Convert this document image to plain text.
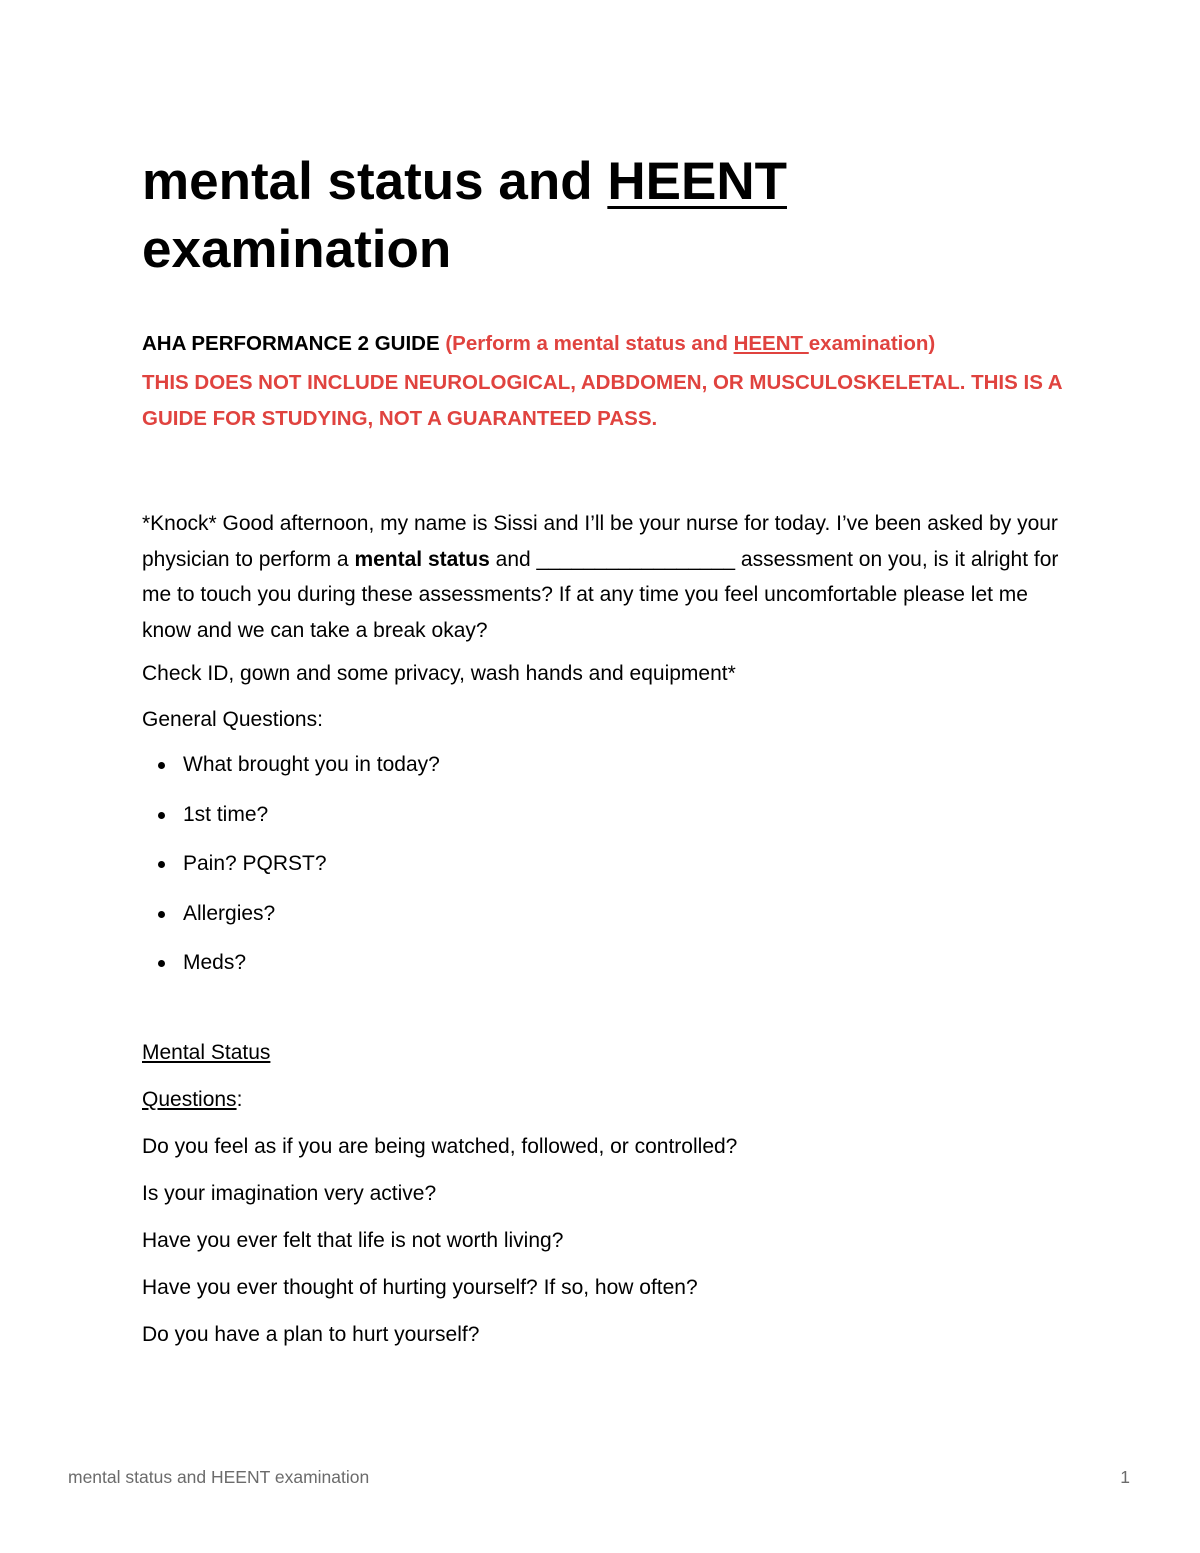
mental status and HEENT
examination
AHA PERFORMANCE 2 GUIDE (Perform a mental status and HEENT examination)
THIS DOES NOT INCLUDE NEUROLOGICAL, ADBDOMEN, OR MUSCULOSKELETAL. THIS IS A GUIDE FOR STUDYING, NOT A GUARANTEED PASS.
*Knock* Good afternoon, my name is Sissi and I’ll be your nurse for today. I’ve been asked by your physician to perform a mental status and _________________ assessment on you, is it alright for me to touch you during these assessments? If at any time you feel uncomfortable please let me know and we can take a break okay?
Check ID, gown and some privacy, wash hands and equipment*
General Questions:
What brought you in today?
1st time?
Pain? PQRST?
Allergies?
Meds?
Mental Status
Questions:
Do you feel as if you are being watched, followed, or controlled?
Is your imagination very active?
Have you ever felt that life is not worth living?
Have you ever thought of hurting yourself? If so, how often?
Do you have a plan to hurt yourself?
mental status and HEENT examination	1
